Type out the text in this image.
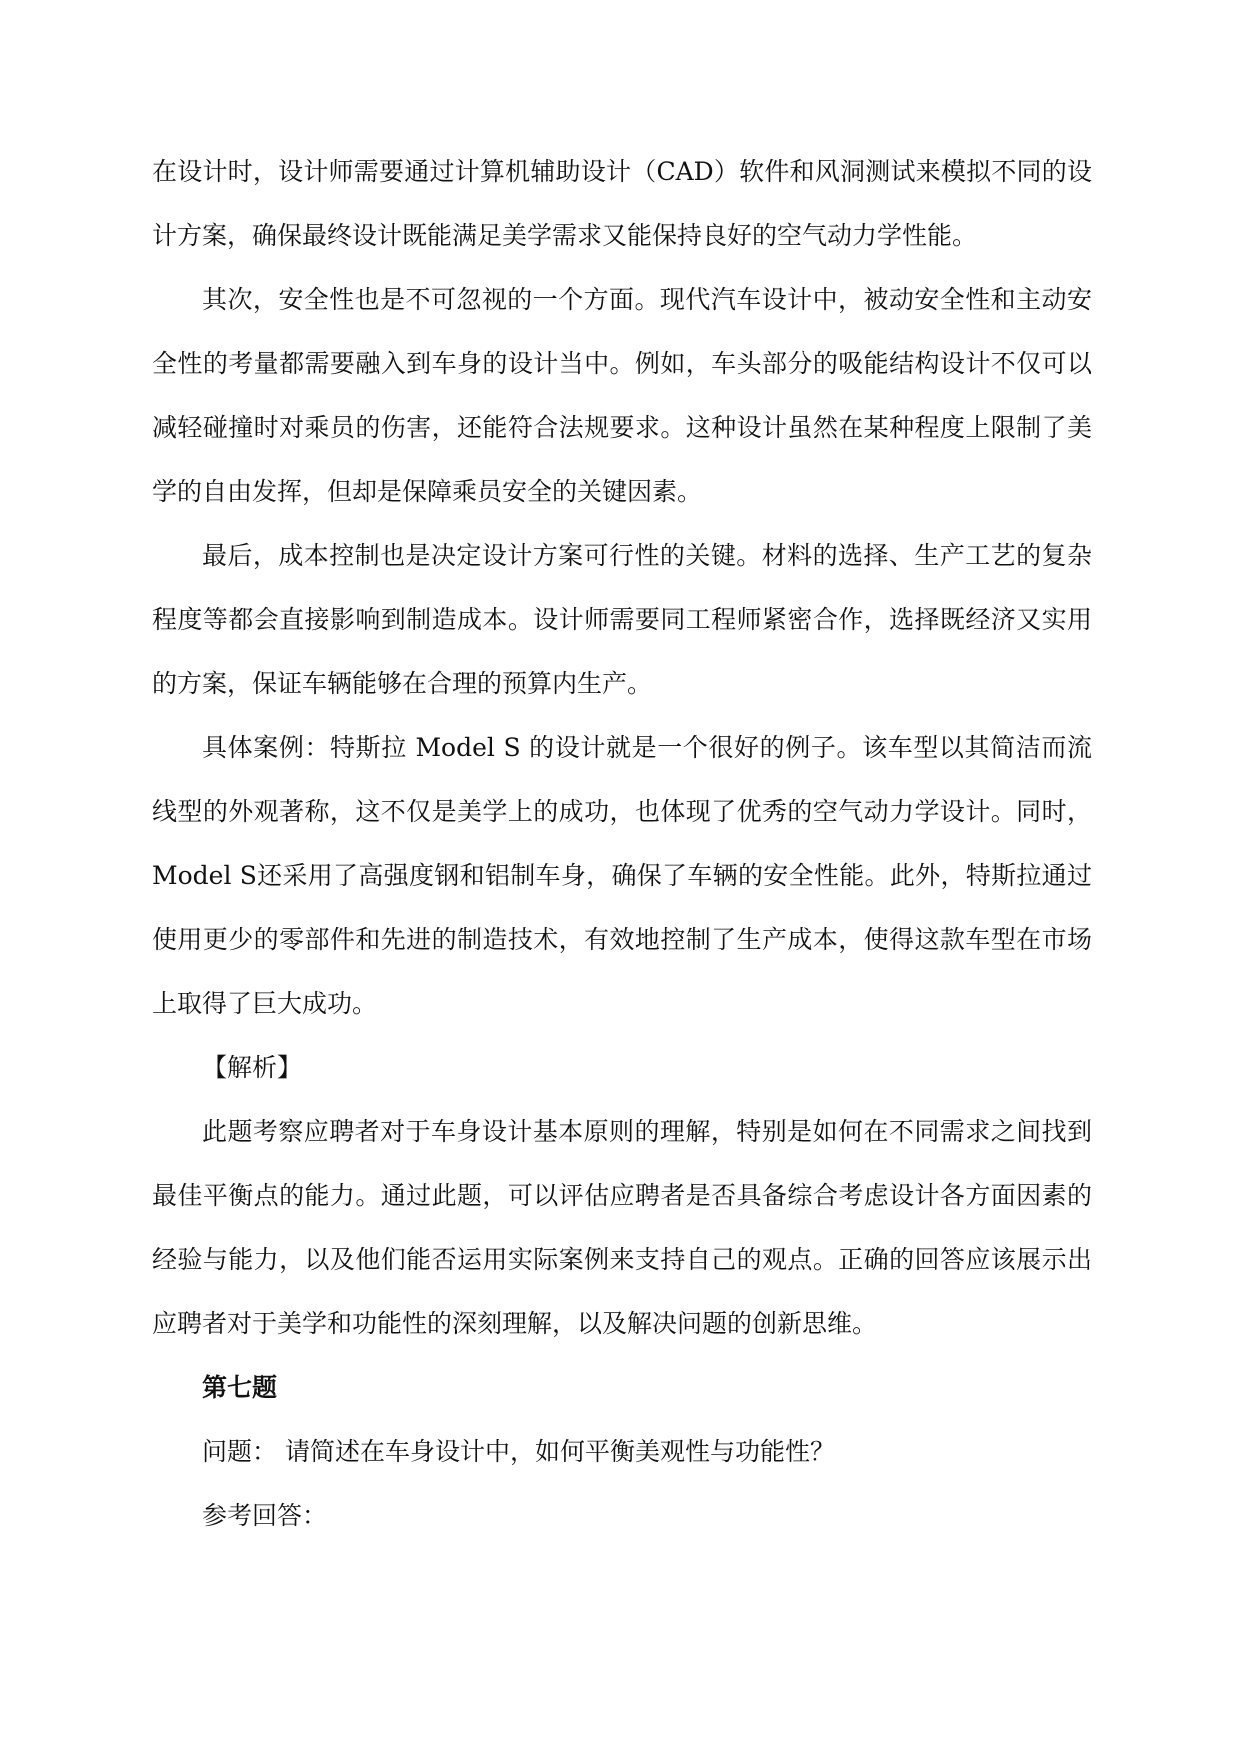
在设计时，设计师需要通过计算机辅助设计（CAD）软件和风洞测试来模拟不同的设计方案，确保最终设计既能满足美学需求又能保持良好的空气动力学性能。

其次，安全性也是不可忽视的一个方面。现代汽车设计中，被动安全性和主动安全性的考量都需要融入到车身的设计当中。例如，车头部分的吸能结构设计不仅可以减轻碰撞时对乘员的伤害，还能符合法规要求。这种设计虽然在某种程度上限制了美学的自由发挥，但却是保障乘员安全的关键因素。

最后，成本控制也是决定设计方案可行性的关键。材料的选择、生产工艺的复杂程度等都会直接影响到制造成本。设计师需要同工程师紧密合作，选择既经济又实用的方案，保证车辆能够在合理的预算内生产。

具体案例：特斯拉 Model S 的设计就是一个很好的例子。该车型以其简洁而流线型的外观著称，这不仅是美学上的成功，也体现了优秀的空气动力学设计。同时，Model S还采用了高强度钢和铝制车身，确保了车辆的安全性能。此外，特斯拉通过使用更少的零部件和先进的制造技术，有效地控制了生产成本，使得这款车型在市场上取得了巨大成功。

【解析】

此题考察应聘者对于车身设计基本原则的理解，特别是如何在不同需求之间找到最佳平衡点的能力。通过此题，可以评估应聘者是否具备综合考虑设计各方面因素的经验与能力，以及他们能否运用实际案例来支持自己的观点。正确的回答应该展示出应聘者对于美学和功能性的深刻理解，以及解决问题的创新思维。

第七题

问题： 请简述在车身设计中，如何平衡美观性与功能性？

参考回答：
